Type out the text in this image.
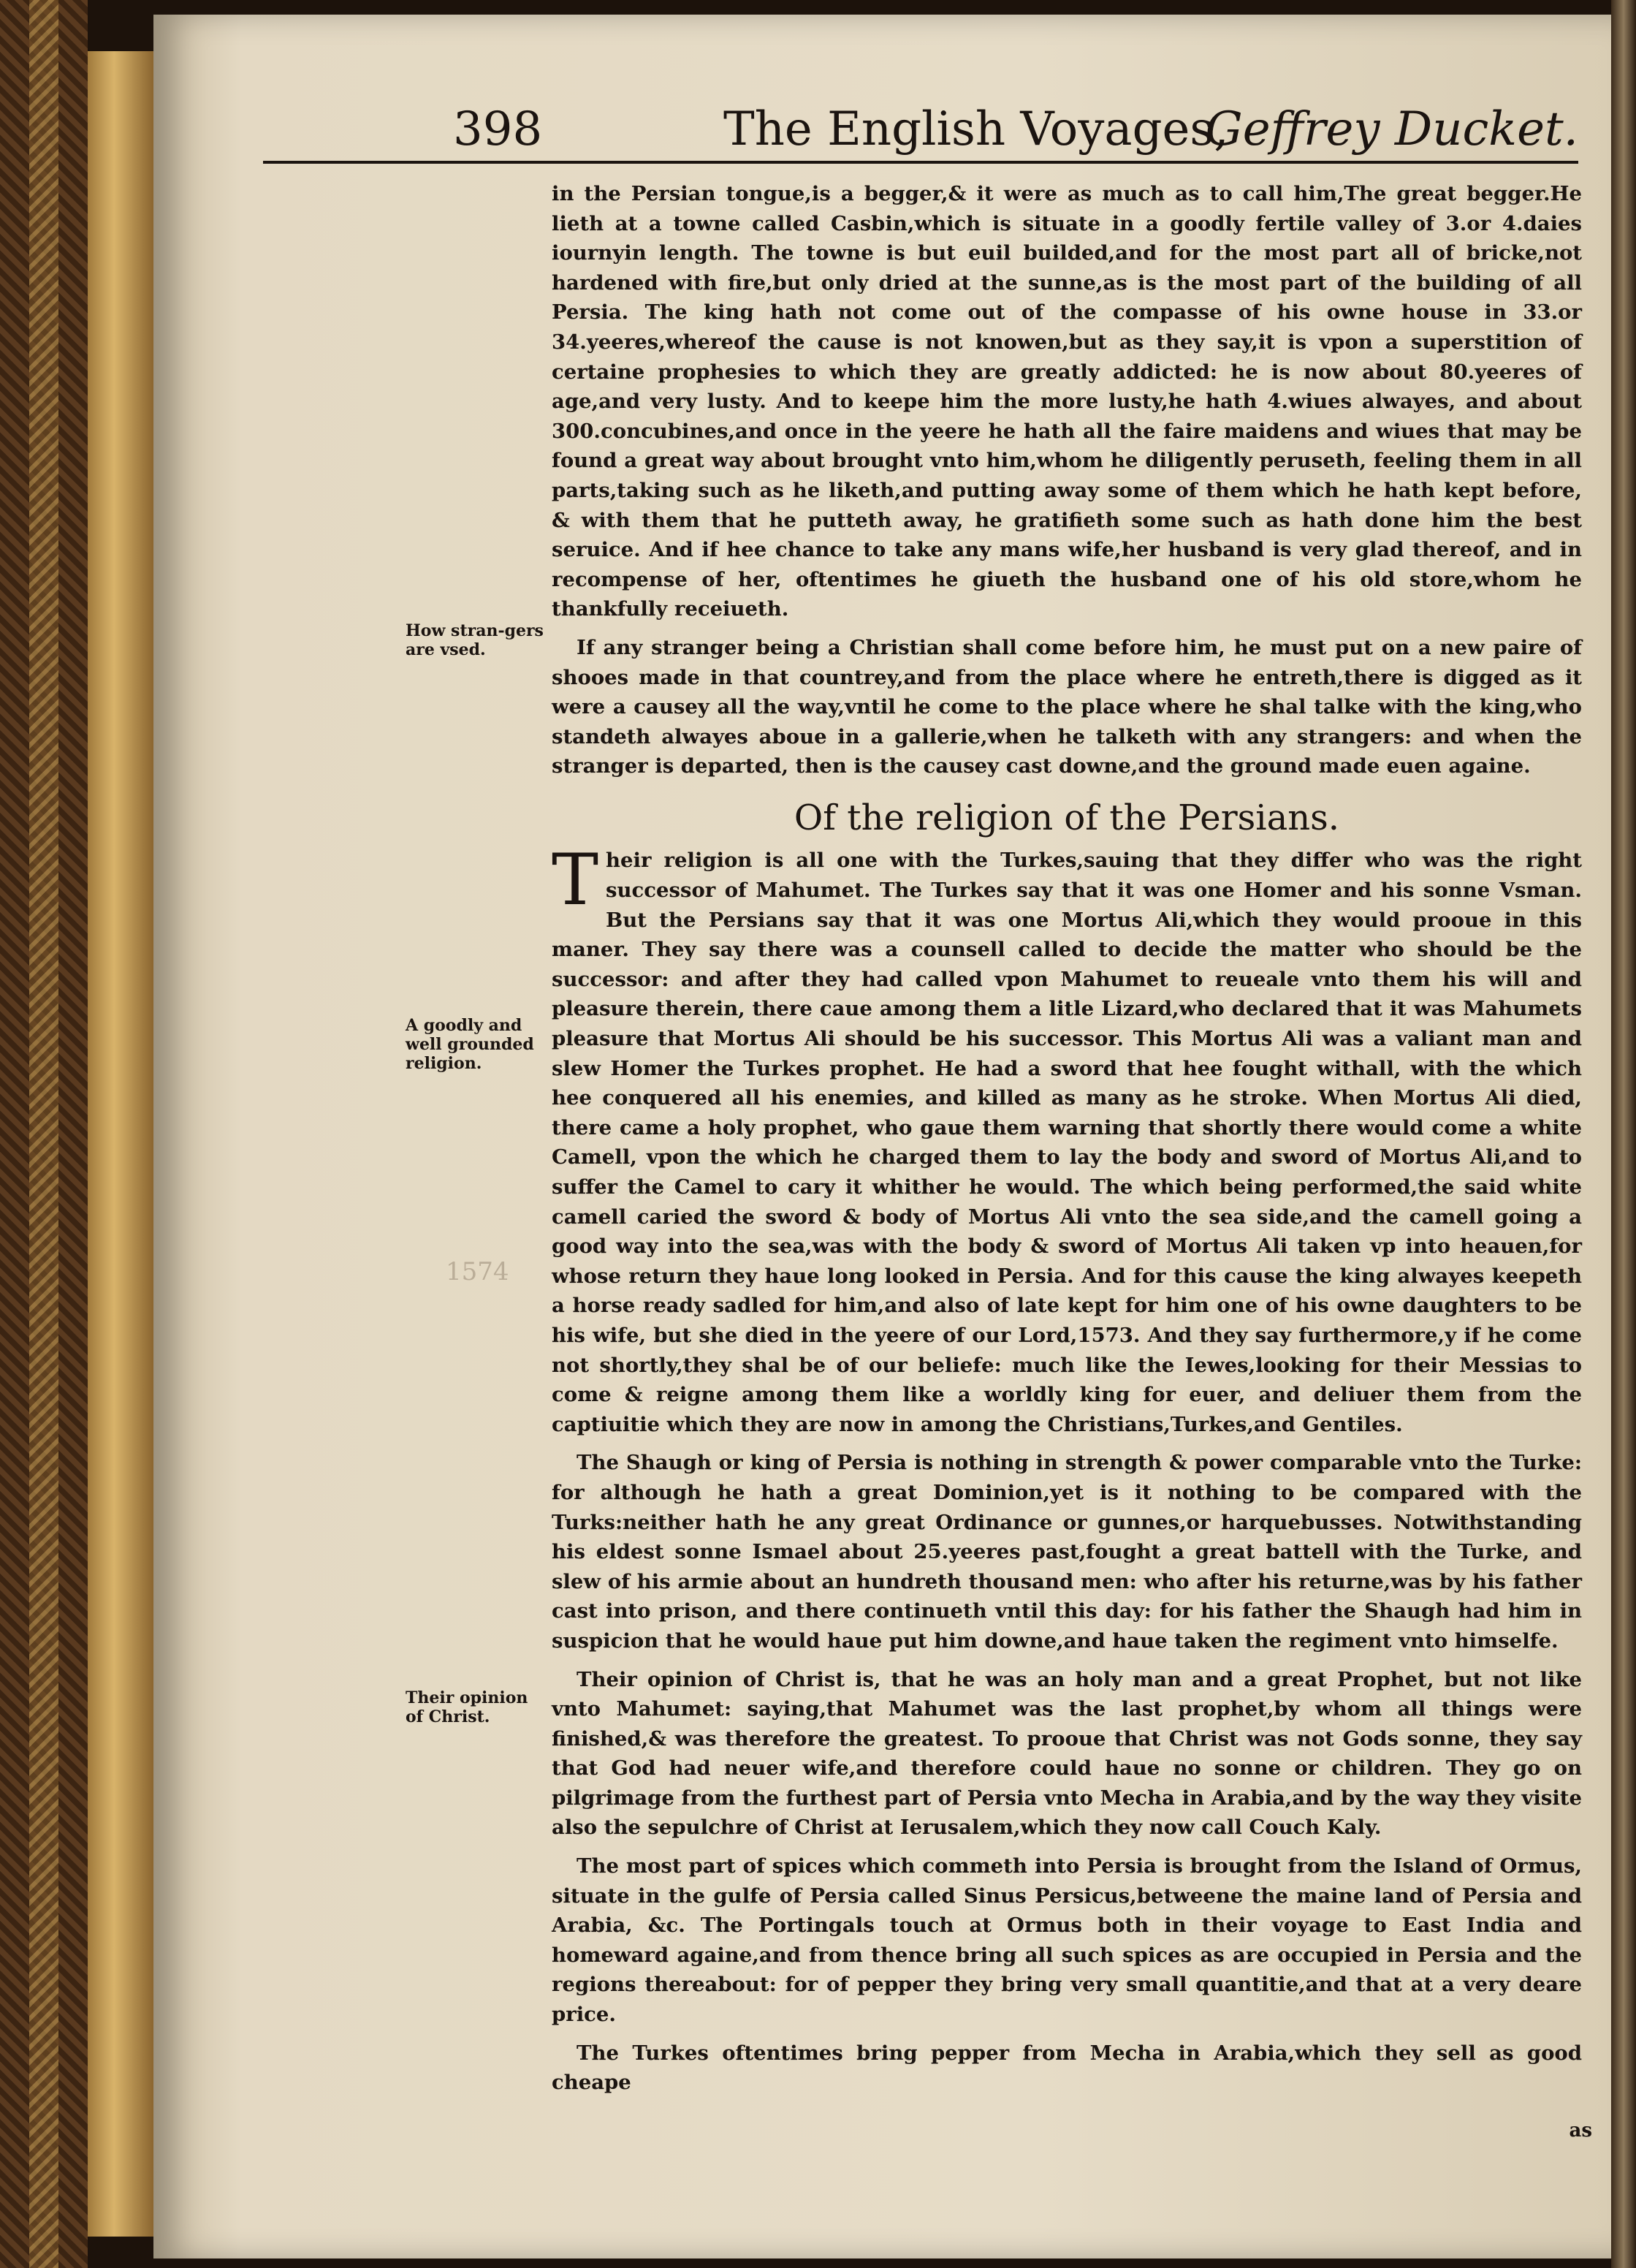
398	The English Voyages,
Geffrey Ducket.
How stran-gers are vsed.
A goodly and well grounded religion.
Their opinion of Christ.
1574

in the Persian tongue,is a begger,& it were as much as to call him,The great begger.He lieth at a towne called Casbin,which is situate in a goodly fertile valley of 3.or 4.daies iournyin length. The towne is but euil builded,and for the most part all of bricke,not hardened with fire,but only dried at the sunne,as is the most part of the building of all Persia. The king hath not come out of the compasse of his owne house in 33.or 34.yeeres,whereof the cause is not knowen,but as they say,it is vpon a superstition of certaine prophesies to which they are greatly addicted: he is now about 80.yeeres of age,and very lusty. And to keepe him the more lusty,he hath 4.wiues alwayes, and about 300.concubines,and once in the yeere he hath all the faire maidens and wiues that may be found a great way about brought vnto him,whom he diligently peruseth, feeling them in all parts,taking such as he liketh,and putting away some of them which he hath kept before, & with them that he putteth away, he gratifieth some such as hath done him the best seruice. And if hee chance to take any mans wife,her husband is very glad thereof, and in recompense of her, oftentimes he giueth the husband one of his old store,whom he thankfully receiueth.

If any stranger being a Christian shall come before him, he must put on a new paire of shooes made in that countrey,and from the place where he entreth,there is digged as it were a causey all the way,vntil he come to the place where he shal talke with the king,who standeth alwayes aboue in a gallerie,when he talketh with any strangers: and when the stranger is departed, then is the causey cast downe,and the ground made euen againe.

Of the religion of the Persians.

Their religion is all one with the Turkes,sauing that they differ who was the right successor of Mahumet. The Turkes say that it was one Homer and his sonne Vsman. But the Persians say that it was one Mortus Ali,which they would prooue in this maner. They say there was a counsell called to decide the matter who should be the successor: and after they had called vpon Mahumet to reueale vnto them his will and pleasure therein, there caue among them a litle Lizard,who declared that it was Mahumets pleasure that Mortus Ali should be his successor. This Mortus Ali was a valiant man and slew Homer the Turkes prophet. He had a sword that hee fought withall, with the which hee conquered all his enemies, and killed as many as he stroke. When Mortus Ali died, there came a holy prophet, who gaue them warning that shortly there would come a white Camell, vpon the which he charged them to lay the body and sword of Mortus Ali,and to suffer the Camel to cary it whither he would. The which being performed,the said white camell caried the sword & body of Mortus Ali vnto the sea side,and the camell going a good way into the sea,was with the body & sword of Mortus Ali taken vp into heauen,for whose return they haue long looked in Persia. And for this cause the king alwayes keepeth a horse ready sadled for him,and also of late kept for him one of his owne daughters to be his wife, but she died in the yeere of our Lord,1573. And they say furthermore,y if he come not shortly,they shal be of our beliefe: much like the Iewes,looking for their Messias to come & reigne among them like a worldly king for euer, and deliuer them from the captiuitie which they are now in among the Christians,Turkes,and Gentiles.

The Shaugh or king of Persia is nothing in strength & power comparable vnto the Turke: for although he hath a great Dominion,yet is it nothing to be compared with the Turks:neither hath he any great Ordinance or gunnes,or harquebusses. Notwithstanding his eldest sonne Ismael about 25.yeeres past,fought a great battell with the Turke, and slew of his armie about an hundreth thousand men: who after his returne,was by his father cast into prison, and there continueth vntil this day: for his father the Shaugh had him in suspicion that he would haue put him downe,and haue taken the regiment vnto himselfe.

Their opinion of Christ is, that he was an holy man and a great Prophet, but not like vnto Mahumet: saying,that Mahumet was the last prophet,by whom all things were finished,& was therefore the greatest. To prooue that Christ was not Gods sonne, they say that God had neuer wife,and therefore could haue no sonne or children. They go on pilgrimage from the furthest part of Persia vnto Mecha in Arabia,and by the way they visite also the sepulchre of Christ at Ierusalem,which they now call Couch Kaly.

The most part of spices which commeth into Persia is brought from the Island of Ormus, situate in the gulfe of Persia called Sinus Persicus,betweene the maine land of Persia and Arabia, &c. The Portingals touch at Ormus both in their voyage to East India and homeward againe,and from thence bring all such spices as are occupied in Persia and the regions thereabout: for of pepper they bring very small quantitie,and that at a very deare price.

The Turkes oftentimes bring pepper from Mecha in Arabia,which they sell as good cheape

as
